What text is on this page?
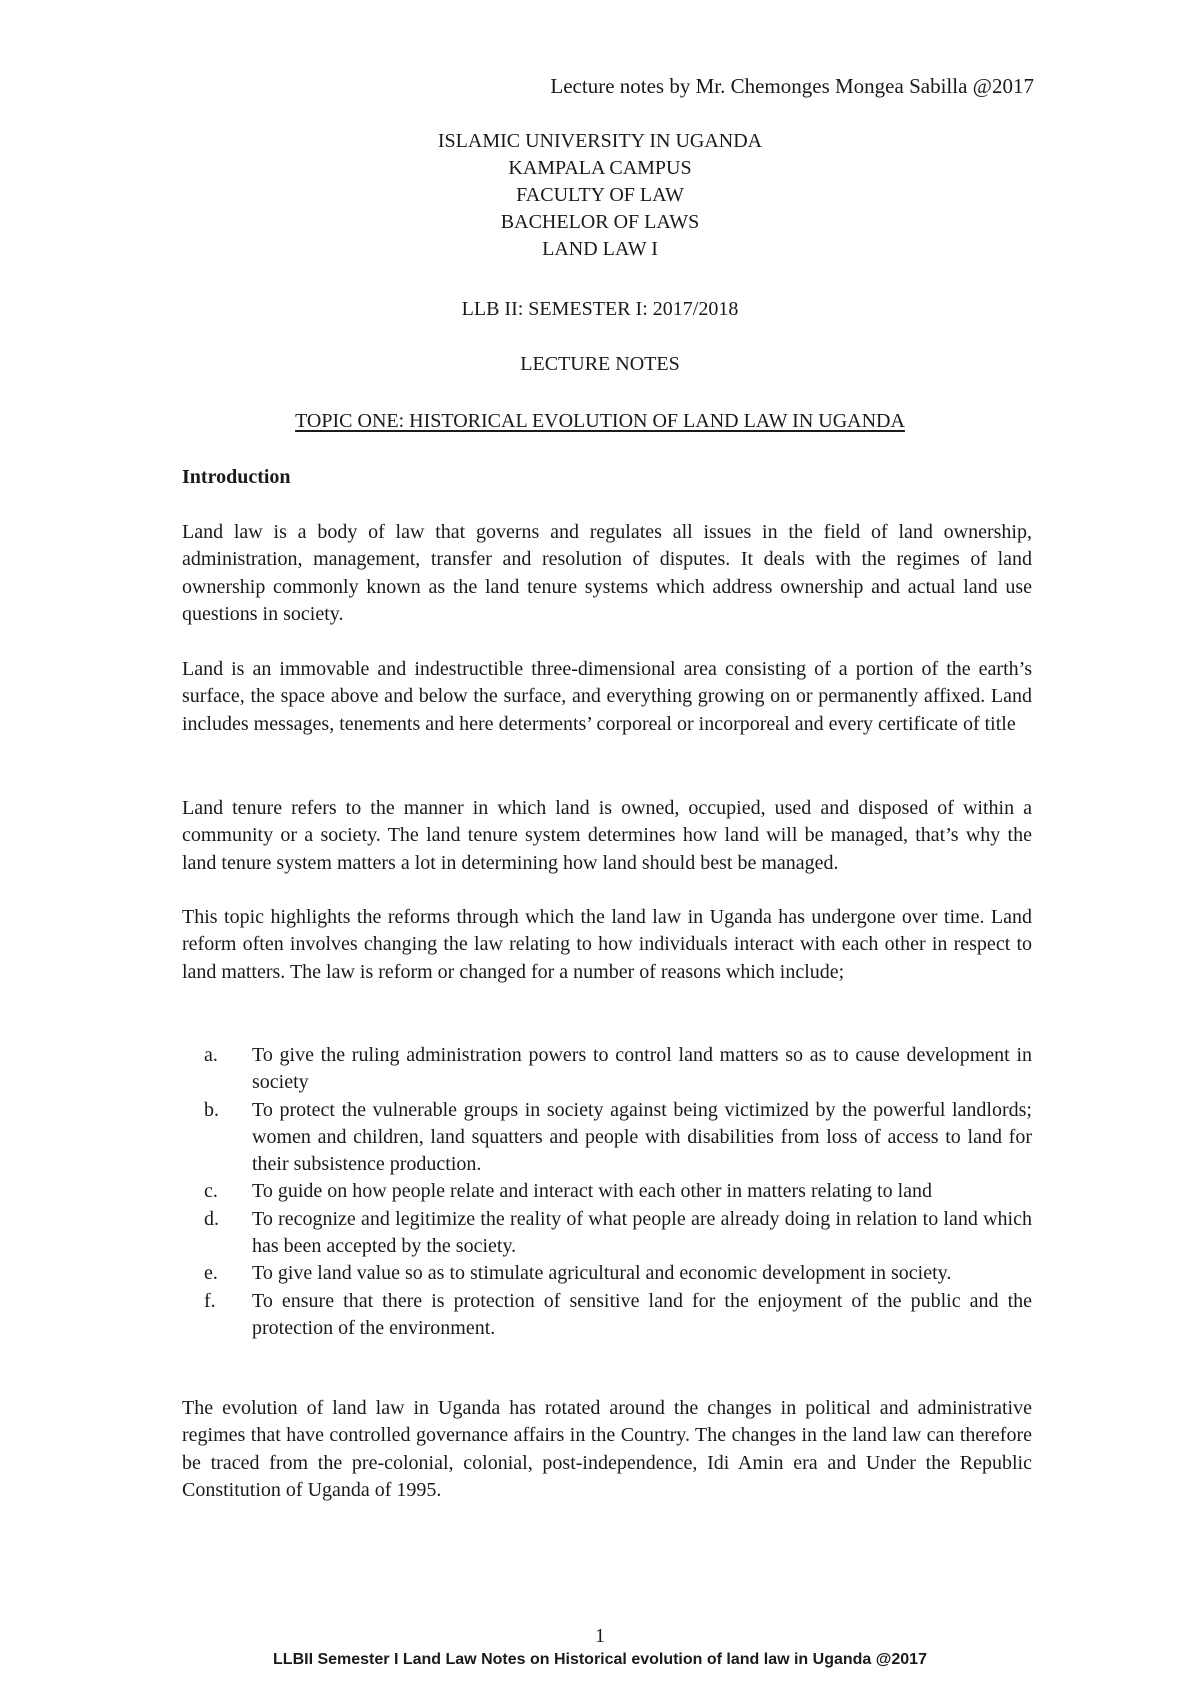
Lecture notes by Mr. Chemonges Mongea Sabilla @2017
ISLAMIC UNIVERSITY IN UGANDA
KAMPALA CAMPUS
FACULTY OF LAW
BACHELOR OF LAWS
LAND LAW I
LLB II: SEMESTER I: 2017/2018
LECTURE NOTES
TOPIC ONE: HISTORICAL EVOLUTION OF LAND LAW IN UGANDA
Introduction

Land law is a body of law that governs and regulates all issues in the field of land ownership, administration, management, transfer and resolution of disputes. It deals with the regimes of land ownership commonly known as the land tenure systems which address ownership and actual land use questions in society.

Land is an immovable and indestructible three-dimensional area consisting of a portion of the earth’s surface, the space above and below the surface, and everything growing on or permanently affixed. Land includes messages, tenements and here determents’ corporeal or incorporeal and every certificate of title

Land tenure refers to the manner in which land is owned, occupied, used and disposed of within a community or a society. The land tenure system determines how land will be managed, that’s why the land tenure system matters a lot in determining how land should best be managed.

This topic highlights the reforms through which the land law in Uganda has undergone over time. Land reform often involves changing the law relating to how individuals interact with each other in respect to land matters. The law is reform or changed for a number of reasons which include;

a. To give the ruling administration powers to control land matters so as to cause development in society
b. To protect the vulnerable groups in society against being victimized by the powerful landlords; women and children, land squatters and people with disabilities from loss of access to land for their subsistence production.
c. To guide on how people relate and interact with each other in matters relating to land
d. To recognize and legitimize the reality of what people are already doing in relation to land which has been accepted by the society.
e. To give land value so as to stimulate agricultural and economic development in society.
f. To ensure that there is protection of sensitive land for the enjoyment of the public and the protection of the environment.

The evolution of land law in Uganda has rotated around the changes in political and administrative regimes that have controlled governance affairs in the Country. The changes in the land law can therefore be traced from the pre-colonial, colonial, post-independence, Idi Amin era and Under the Republic Constitution of Uganda of 1995.

1
LLBII Semester I Land Law Notes on Historical evolution of land law in Uganda @2017
